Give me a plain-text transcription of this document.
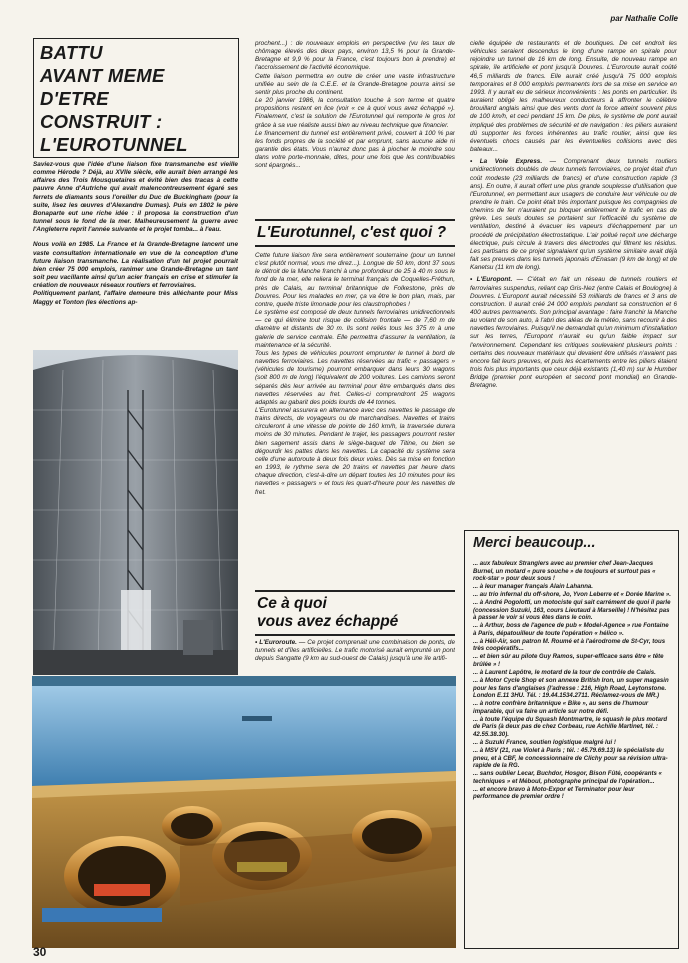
par Nathalie Colle
BATTU
AVANT MEME
D'ETRE
CONSTRUIT :
L'EUROTUNNEL

Saviez-vous que l'idée d'une liaison fixe transmanche est vieille comme Hérode ? Déjà, au XVIIe siècle, elle aurait bien arrangé les affaires des Trois Mousquetaires et évité bien des tracas à cette pauvre Anne d'Autriche qui avait malencontreusement égaré ses ferrets de diamants sous l'oreiller du Duc de Buckingham (pour la suite, lisez les œuvres d'Alexandre Dumas). Puis en 1802 le père Bonaparte eut une riche idée : il proposa la construction d'un tunnel sous le fond de la mer. Malheureusement la guerre avec l'Angleterre reprit l'année suivante et le projet tomba... à l'eau.

Nous voilà en 1985. La France et la Grande-Bretagne lancent une vaste consultation internationale en vue de la conception d'une future liaison transmanche. La réalisation d'un tel projet pourrait bien créer 75 000 emplois, ranimer une Grande-Bretagne un tant soit peu vacillante ainsi qu'un acier français en crise et stimuler la création de nouveaux réseaux routiers et ferroviaires.

Politiquement parlant, l'affaire demeure très alléchante pour Miss Maggy et Tonton (les élections ap-

prochent...) : de nouveaux emplois en perspective (vu les taux de chômage élevés des deux pays, environ 13,5 % pour la Grande-Bretagne et 9,9 % pour la France, c'est toujours bon à prendre) et l'accroissement de l'activité économique.

Cette liaison permettra en outre de créer une vaste infrastructure unifiée au sein de la C.E.E. et la Grande-Bretagne pourra ainsi se sentir plus proche du continent.

Le 20 janvier 1986, la consultation touche à son terme et quatre propositions restent en lice (voir « ce à quoi vous avez échappé »). Finalement, c'est la solution de l'Eurotunnel qui remporte le gros lot grâce à sa vue réaliste aussi bien au niveau technique que financier.

Le financement du tunnel est entièrement privé, couvert à 100 % par les fonds propres de la société et par emprunt, sans aucune aide ni garantie des états. Vous n'aurez donc pas à piocher le moindre sou dans votre porte-monnaie, dites, pour une fois que les contribuables sont épargnés...

L'Eurotunnel, c'est quoi ?

Cette future liaison fixe sera entièrement souterraine (pour un tunnel c'est plutôt normal, vous me direz...). Longue de 50 km, dont 37 sous le détroit de la Manche franchi à une profondeur de 25 à 40 m sous le fond de la mer, elle reliera le terminal français de Coquelles-Fréthun, près de Calais, au terminal britannique de Folkestone, près de Douvres. Pour les malades en mer, ça va être le bon plan, mais, par contre, quelle triste limonade pour les claustrophobes !

Le système est composé de deux tunnels ferroviaires unidirectionnels — ce qui élimine tout risque de collision frontale — de 7,60 m de diamètre et distants de 30 m. Ils sont reliés tous les 375 m à une galerie de service centrale. Elle permettra d'assurer la ventilation, la maintenance et la sécurité.

Tous les types de véhicules pourront emprunter le tunnel à bord de navettes ferroviaires. Les navettes réservées au trafic « passagers » (véhicules de tourisme) pourront embarquer dans leurs 30 wagons (soit 800 m de long) l'équivalent de 200 voitures. Les camions seront séparés dès leur arrivée au terminal pour être embarqués dans des navettes réservées au fret. Celles-ci comprendront 25 wagons adaptés au gabarit des poids lourds de 44 tonnes.

L'Eurotunnel assurera en alternance avec ces navettes le passage de trains directs, de voyageurs ou de marchandises. Navettes et trains circuleront à une vitesse de pointe de 160 km/h, la traversée durera moins de 30 minutes. Pendant le trajet, les passagers pourront rester bien sagement assis dans le siège-baquet de Titine, ou bien se dégourdir les pattes dans les navettes. La capacité du système sera celle d'une autoroute à deux fois deux voies. Dès sa mise en fonction en 1993, le rythme sera de 20 trains et navettes par heure dans chaque direction, c'est-à-dire un départ toutes les 10 minutes pour les navettes « passagers » et tous les quart-d'heure pour les navettes de fret.

Ce à quoi
vous avez échappé

• L'Euroroute. — Ce projet comprenait une combinaison de ponts, de tunnels et d'îles artificielles. Le trafic motorisé aurait emprunté un pont depuis Sangatte (9 km au sud-ouest de Calais) jusqu'à une île artifi-

cielle équipée de restaurants et de boutiques. De cet endroit les véhicules seraient descendus le long d'une rampe en spirale pour rejoindre un tunnel de 16 km de long. Ensuite, de nouveau rampe en spirale, île artificielle et pont jusqu'à Douvres. L'Euroroute aurait coûté 46,5 milliards de francs. Elle aurait créé jusqu'à 75 000 emplois temporaires et 8 000 emplois permanents lors de sa mise en service en 1993. Il y aurait eu de sérieux inconvénients : les ponts en particulier. Ils auraient obligé les malheureux conducteurs à affronter le célèbre brouillard anglais ainsi que des vents dont la force atteint souvent plus de 100 km/h, et ceci pendant 15 km. De plus, le système de pont aurait impliqué des problèmes de sécurité et de navigation : les piliers auraient dû supporter les forces inhérentes au trafic routier, ainsi que les éventuels chocs causés par les éventuelles collisions avec des bateaux...

• La Voie Express. — Comprenant deux tunnels routiers unidirectionnels doublés de deux tunnels ferroviaires, ce projet était d'un coût modeste (23 milliards de francs) et d'une construction rapide (3 ans). En outre, il aurait offert une plus grande souplesse d'utilisation que l'Eurotunnel, en permettant aux usagers de conduire leur véhicule ou de prendre le train. Ce point était très important puisque les compagnies de chemins de fer n'auraient pu bloquer entièrement le trafic en cas de grève. Les seuls doutes se portaient sur l'efficacité du système de ventilation, destiné à évacuer les vapeurs d'échappement par un procédé de précipitation électrostatique. L'air pollué reçoit une décharge électrique, puis circule à travers des électrodes qui filtrent les résidus. Les partisans de ce projet signalaient qu'un système similaire avait déjà fait ses preuves dans les tunnels japonais d'Enasan (9 km de long) et de Kanetsu (11 km de long).

• L'Europont. — C'était en fait un réseau de tunnels routiers et ferroviaires suspendus, reliant cap Gris-Nez (entre Calais et Boulogne) à Douvres. L'Europont aurait nécessité 53 milliards de francs et 3 ans de construction. Il aurait créé 24 000 emplois pendant sa construction et 6 400 autres permanents. Son principal avantage : faire franchir la Manche au volant de son auto, à l'abri des aléas de la météo, sans recourir à des navettes ferroviaires. Puisqu'il ne demandait qu'un minimum d'installation sur les terres, l'Europont n'aurait eu qu'un faible impact sur l'environnement. Cependant les critiques soulevaient plusieurs points : certains des nouveaux matériaux qui devaient être utilisés n'avaient pas encore fait leurs preuves, et puis les écartements entre les piliers étaient trois fois plus importants que ceux déjà existants (1,40 m) sur le Humber Bridge (premier pont européen et second pont mondial) en Grande-Bretagne.

Merci beaucoup...

... aux fabuleux Stranglers avec au premier chef Jean-Jacques Burnel, un motard « pure souche » de toujours et surtout pas « rock-star » pour deux sous !

... à leur manager français Alain Lahanna.

... au trio infernal du off-shore, Jo, Yvon Leberre et « Dorée Marine ».

... à André Pogolotti, un motociste qui sait carrément de quoi il parle (concession Suzuki, 163, cours Lieutaud à Marseille) ! N'hésitez pas à passer le voir si vous êtes dans le coin.

... à Arthur, boss de l'agence de pub « Model-Agence » rue Fontaine à Paris, dépatouilleur de toute l'opération « hélico ».

... à Héli-Air, son patron M. Roumé et à l'aérodrome de St-Cyr, tous très coopératifs...

... et bien sûr au pilote Guy Ramos, super-efficace sans être « tête brûlée » !

... à Laurent Lapôtre, le motard de la tour de contrôle de Calais.

... à Motor Cycle Shop et son annexe British Iron, un super magasin pour les fans d'anglaises (l'adresse : 216, High Road, Leytonstone. London E.11 3HU. Tél. : 19.44.1534.2711. Réclamez-vous de MR.)

... à notre confrère britannique « Bike », au sens de l'humour imparable, qui va faire un article sur notre défi.

... à toute l'équipe du Squash Montmartre, le squash le plus motard de Paris (à deux pas de chez Corbeau, rue Achille Martinet, tél. : 42.55.38.30).

... à Suzuki France, soutien logistique malgré lui !

... à MSV (21, rue Violet à Paris ; tél. : 45.79.69.13) le spécialiste du pneu, et à CBF, le concessionnaire de Clichy pour sa révision ultra-rapide de la RG.

... sans oublier Lecar, Buchdor, Hosgor, Bison Fûté, coopérants « techniques » et Méboul, photographe principal de l'opération...

... et encore bravo à Moto-Expor et Terminator pour leur performance de premier ordre !

30
